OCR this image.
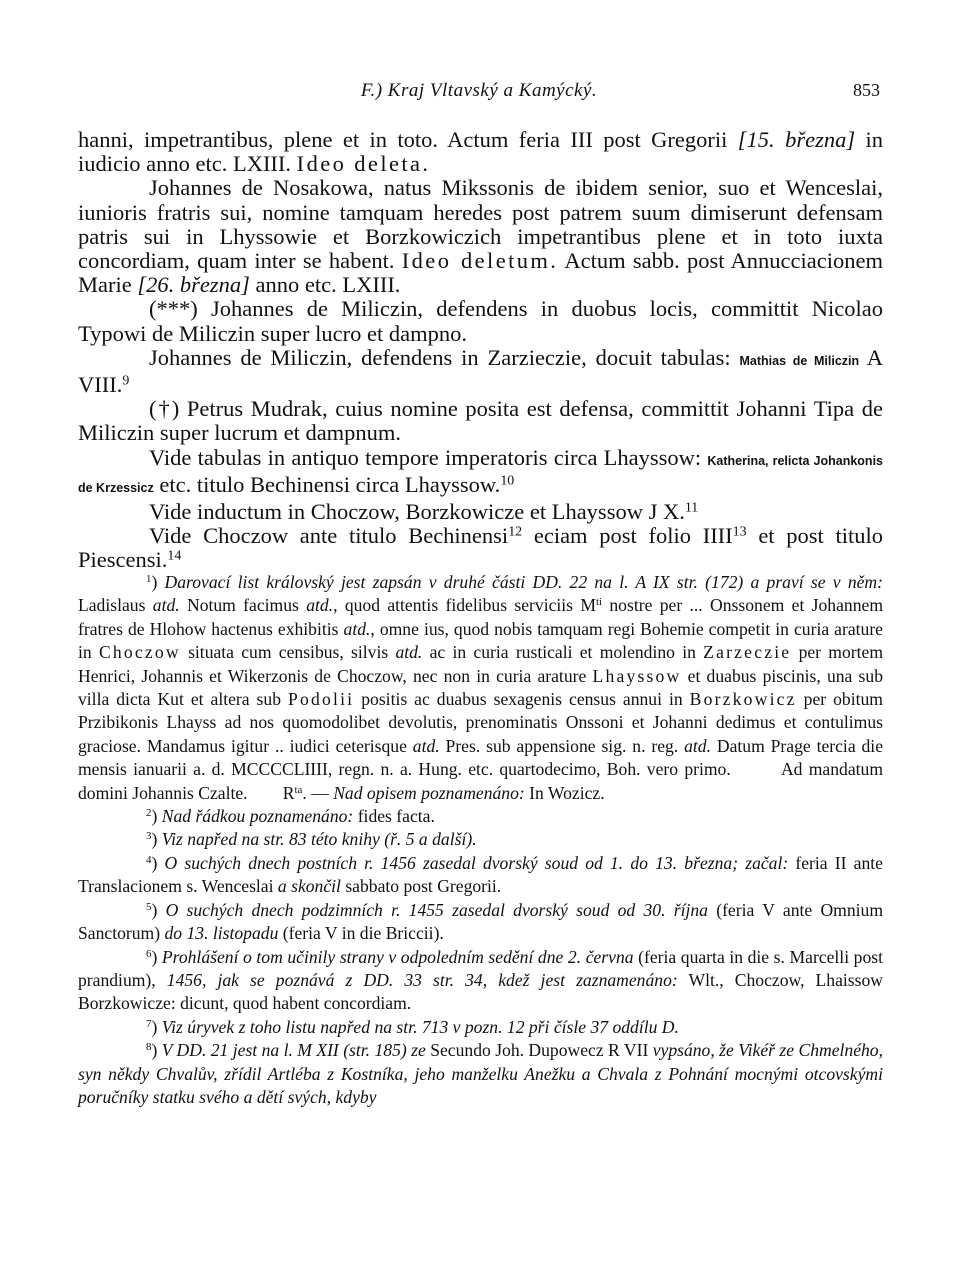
F.) Kraj Vltavský a Kamýcký.	853

hanni, impetrantibus, plene et in toto. Actum feria III post Gregorii [15. března] in iudicio anno etc. LXIII. Ideo deleta.

Johannes de Nosakowa, natus Mikssonis de ibidem senior, suo et Wenceslai, iunioris fratris sui, nomine tamquam heredes post patrem suum dimiserunt defensam patris sui in Lhyssowie et Borzkowiczich impetrantibus plene et in toto iuxta concordiam, quam inter se habent. Ideo deletum. Actum sabb. post Annucciacionem Marie [26. března] anno etc. LXIII.

(***) Johannes de Miliczin, defendens in duobus locis, committit Nicolao Typowi de Miliczin super lucro et dampno.

Johannes de Miliczin, defendens in Zarzieczie, docuit tabulas: Mathias de Miliczin A VIII.$^9$

(†) Petrus Mudrak, cuius nomine posita est defensa, committit Johanni Tipa de Miliczin super lucrum et dampnum.

Vide tabulas in antiquo tempore imperatoris circa Lhayssow: Katherina, relicta Johankonis de Krzessicz etc. titulo Bechinensi circa Lhayssow.$^{10}$

Vide inductum in Choczow, Borzkowicze et Lhayssow J X.$^{11}$

Vide Choczow ante titulo Bechinensi$^{12}$ eciam post folio IIII$^{13}$ et post titulo Piescensi.$^{14}$

$^1$) Darovací list královský jest zapsán v druhé části DD. 22 na l. A IX str. (172) a praví se v něm: Ladislaus atd. Notum facimus atd., quod attentis fidelibus serviciis $M^{ti}$ nostre per ... Onssonem et Johannem fratres de Hlohow hactenus exhibitis atd., omne ius, quod nobis tamquam regi Bohemie competit in curia arature in Choczow situata cum censibus, silvis atd. ac in curia rusticali et molendino in Zarzeczie per mortem Henrici, Johannis et Wikerzonis de Choczow, nec non in curia arature Lhayssow et duabus piscinis, una sub villa dicta Kut et altera sub Podolii positis ac duabus sexagenis census annui in Borzkowicz per obitum Przibikonis Lhayss ad nos quomodolibet devolutis, prenominatis Onssoni et Johanni dedimus et contulimus graciose. Mandamus igitur .. iudici ceterisque atd. Pres. sub appensione sig. n. reg. atd. Datum Prage tercia die mensis ianuarii a. d. MCCCCLIIII, regn. n. a. Hung. etc. quartodecimo, Boh. vero primo.	Ad mandatum domini Johannis Czalte. $R^{ta}$. — Nad opisem poznamenáno: In Wozicz.

$^2$) Nad řádkou poznamenáno: fides facta.

$^3$) Viz napřed na str. 83 této knihy (ř. 5 a další).

$^4$) O suchých dnech postních r. 1456 zasedal dvorský soud od 1. do 13. března; začal: feria II ante Translacionem s. Wenceslai a skončil sabbato post Gregorii.

$^5$) O suchých dnech podzimních r. 1455 zasedal dvorský soud od 30. října (feria V ante Omnium Sanctorum) do 13. listopadu (feria V in die Briccii).

$^6$) Prohlášení o tom učinily strany v odpoledním sedění dne 2. června (feria quarta in die s. Marcelli post prandium), 1456, jak se poznává z DD. 33 str. 34, kdež jest zaznamenáno: Wlt., Choczow, Lhaissow Borzkowicze: dicunt, quod habent concordiam.

$^7$) Viz úryvek z toho listu napřed na str. 713 v pozn. 12 při čísle 37 oddílu D.

$^8$) V DD. 21 jest na l. M XII (str. 185) ze Secundo Joh. Dupowecz R VII vypsáno, že Vikéř ze Chmelného, syn někdy Chvalův, zřídil Artléba z Kostníka, jeho manželku Anežku a Chvala z Pohnání mocnými otcovskými poručníky statku svého a dětí svých, kdyby
